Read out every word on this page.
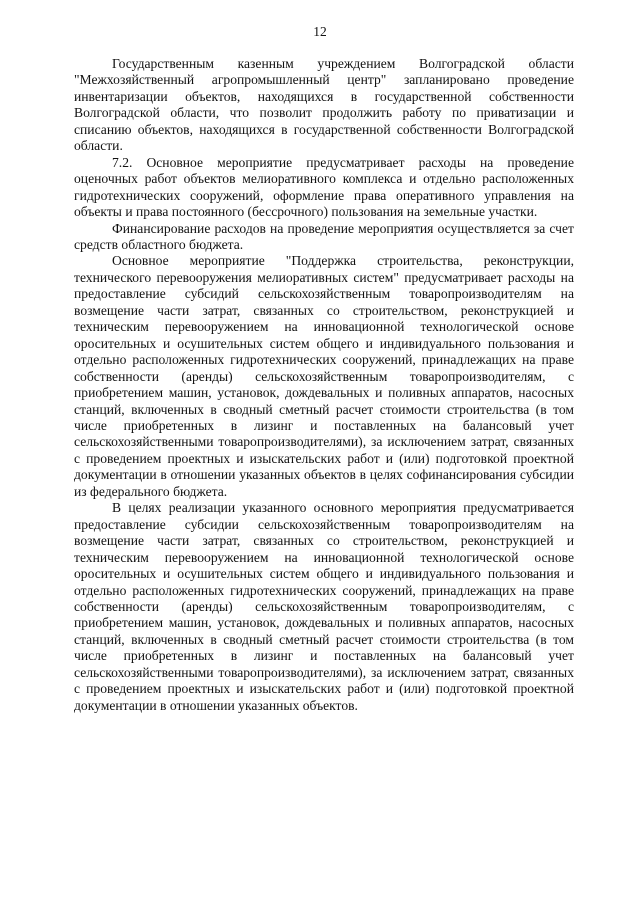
12

Государственным казенным учреждением Волгоградской области "Межхозяйственный агропромышленный центр" запланировано проведение инвентаризации объектов, находящихся в государственной собственности Волгоградской области, что позволит продолжить работу по приватизации и списанию объектов, находящихся в государственной собственности Волгоградской области.

7.2. Основное мероприятие предусматривает расходы на проведение оценочных работ объектов мелиоративного комплекса и отдельно расположенных гидротехнических сооружений, оформление права оперативного управления на объекты и права постоянного (бессрочного) пользования на земельные участки.

Финансирование расходов на проведение мероприятия осуществляется за счет средств областного бюджета.

Основное мероприятие "Поддержка строительства, реконструкции, технического перевооружения мелиоративных систем" предусматривает расходы на предоставление субсидий сельскохозяйственным товаропроизводителям на возмещение части затрат, связанных со строительством, реконструкцией и техническим перевооружением на инновационной технологической основе оросительных и осушительных систем общего и индивидуального пользования и отдельно расположенных гидротехнических сооружений, принадлежащих на праве собственности (аренды) сельскохозяйственным товаропроизводителям, с приобретением машин, установок, дождевальных и поливных аппаратов, насосных станций, включенных в сводный сметный расчет стоимости строительства (в том числе приобретенных в лизинг и поставленных на балансовый учет сельскохозяйственными товаропроизводителями), за исключением затрат, связанных с проведением проектных и изыскательских работ и (или) подготовкой проектной документации в отношении указанных объектов в целях софинансирования субсидии из федерального бюджета.

В целях реализации указанного основного мероприятия предусматривается предоставление субсидии сельскохозяйственным товаропроизводителям на возмещение части затрат, связанных со строительством, реконструкцией и техническим перевооружением на инновационной технологической основе оросительных и осушительных систем общего и индивидуального пользования и отдельно расположенных гидротехнических сооружений, принадлежащих на праве собственности (аренды) сельскохозяйственным товаропроизводителям, с приобретением машин, установок, дождевальных и поливных аппаратов, насосных станций, включенных в сводный сметный расчет стоимости строительства (в том числе приобретенных в лизинг и поставленных на балансовый учет сельскохозяйственными товаропроизводителями), за исключением затрат, связанных с проведением проектных и изыскательских работ и (или) подготовкой проектной документации в отношении указанных объектов.
